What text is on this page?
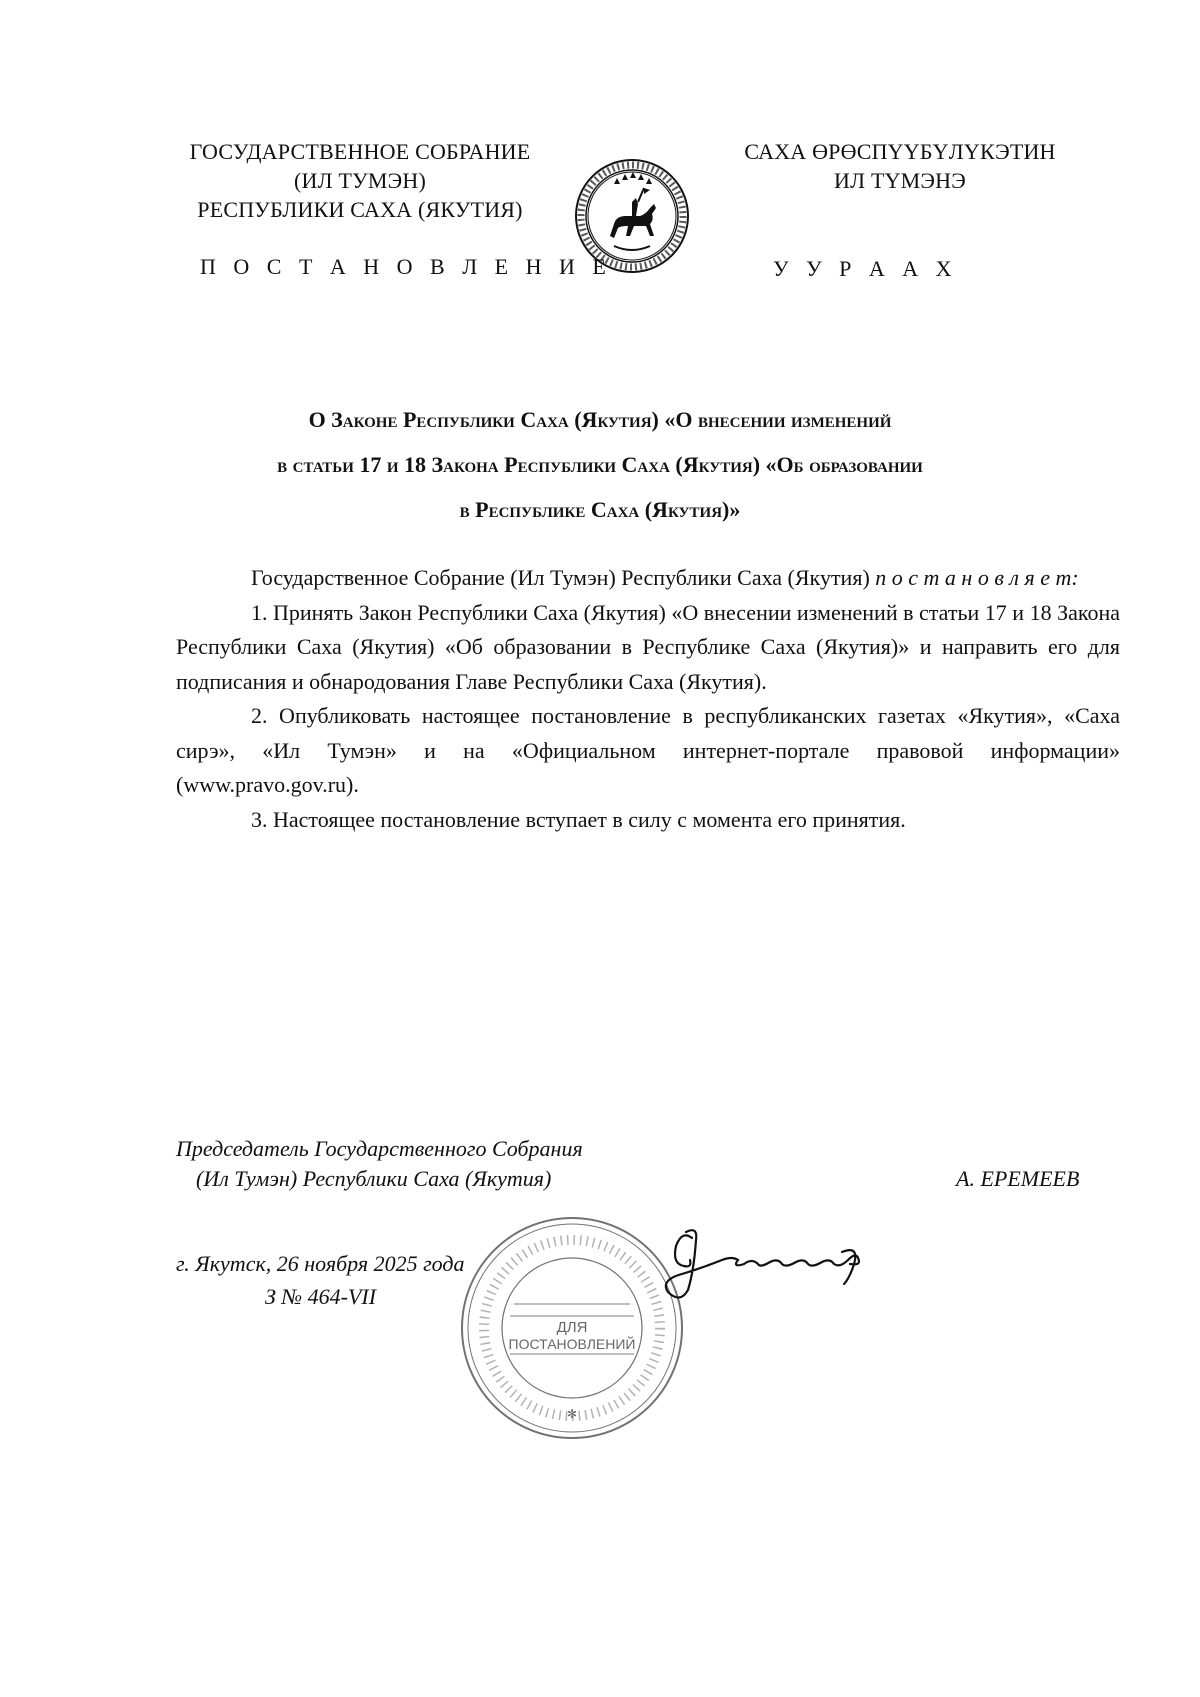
ГОСУДАРСТВЕННОЕ СОБРАНИЕ
(ИЛ ТУМЭН)
РЕСПУБЛИКИ САХА (ЯКУТИЯ)
САХА ӨРӨСПҮҮБҮЛҮКЭТИН
ИЛ ТҮМЭНЭ
П О С Т А Н О В Л Е Н И Е	У У Р А А Х
О Законе Республики Саха (Якутия) «О внесении изменений
в статьи 17 и 18 Закона Республики Саха (Якутия) «Об образовании
в Республике Саха (Якутия)»

Государственное Собрание (Ил Тумэн) Республики Саха (Якутия) п о с т а н о в л я е т:

1. Принять Закон Республики Саха (Якутия) «О внесении изменений в статьи 17 и 18 Закона Республики Саха (Якутия) «Об образовании в Республике Саха (Якутия)» и направить его для подписания и обнародования Главе Республики Саха (Якутия).

2. Опубликовать настоящее постановление в республиканских газетах «Якутия», «Саха сирэ», «Ил Тумэн» и на «Официальном интернет-портале правовой информации» (www.pravo.gov.ru).

3. Настоящее постановление вступает в силу с момента его принятия.

ДЛЯ
ПОСТАНОВЛЕНИЙ
✻
Председатель Государственного Собрания
(Ил Тумэн) Республики Саха (Якутия)	А. ЕРЕМЕЕВ
г. Якутск, 26 ноября 2025 года
З № 464-VII
